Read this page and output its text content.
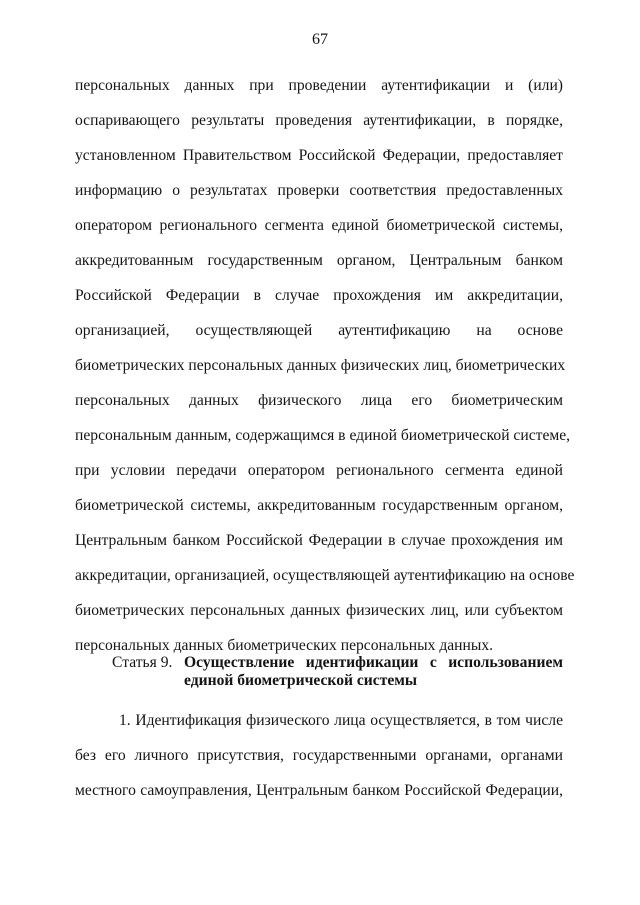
67
персональных данных при проведении аутентификации и (или)
оспаривающего результаты проведения аутентификации, в порядке,
установленном Правительством Российской Федерации, предоставляет
информацию о результатах проверки соответствия предоставленных
оператором регионального сегмента единой биометрической системы,
аккредитованным государственным органом, Центральным банком
Российской Федерации в случае прохождения им аккредитации,
организацией, осуществляющей аутентификацию на основе
биометрических персональных данных физических лиц, биометрических
персональных данных физического лица его биометрическим
персональным данным, содержащимся в единой биометрической системе,
при условии передачи оператором регионального сегмента единой
биометрической системы, аккредитованным государственным органом,
Центральным банком Российской Федерации в случае прохождения им
аккредитации, организацией, осуществляющей аутентификацию на основе
биометрических персональных данных физических лиц, или субъектом
персональных данных биометрических персональных данных.
Статья 9. Осуществление идентификации с использованием
единой биометрической системы
1. Идентификация физического лица осуществляется, в том числе
без его личного присутствия, государственными органами, органами
местного самоуправления, Центральным банком Российской Федерации,
